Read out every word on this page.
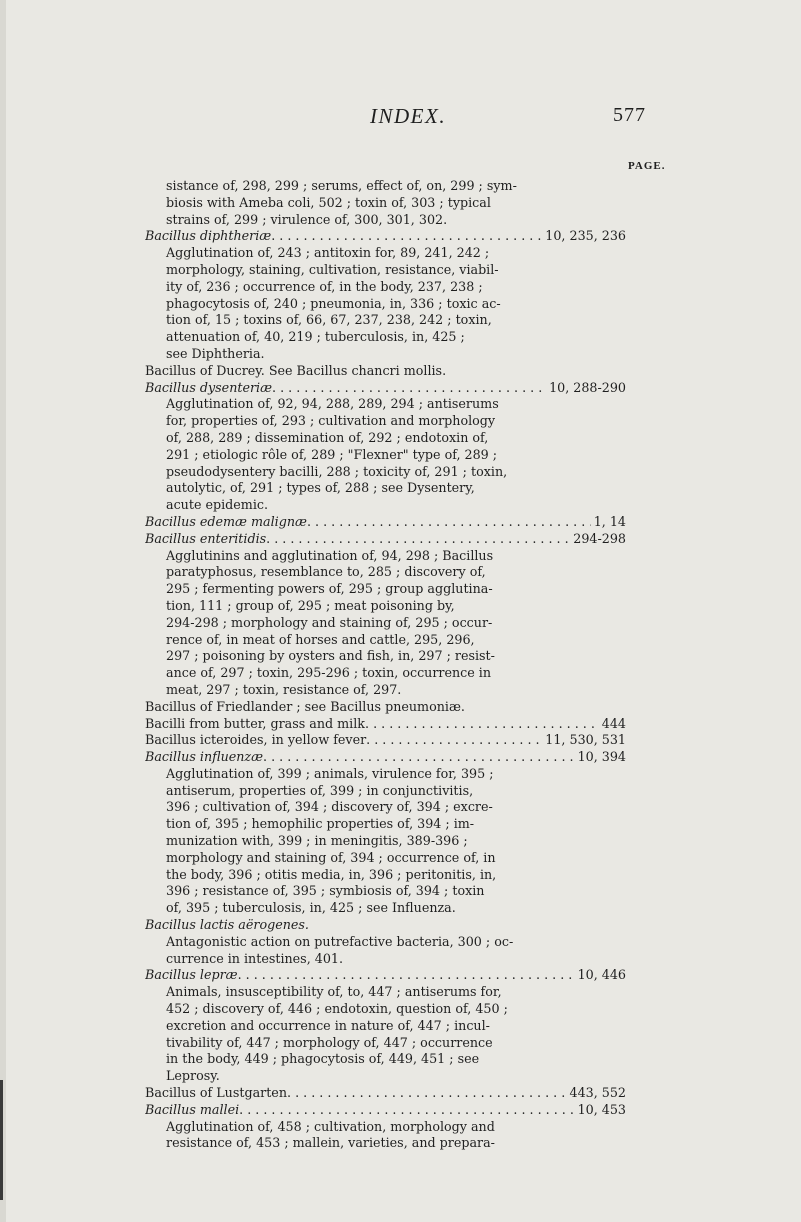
INDEX.	577
PAGE.
sistance of, 298, 299 ; serums, effect of, on, 299 ; sym-
biosis with Ameba coli, 502 ; toxin of, 303 ; typical
strains of, 299 ; virulence of, 300, 301, 302.
Bacillus diphtheriæ . . .	10, 235, 236
Agglutination of, 243 ; antitoxin for, 89, 241, 242 ;
morphology, staining, cultivation, resistance, viabil-
ity of, 236 ; occurrence of, in the body, 237, 238 ;
phagocytosis of, 240 ; pneumonia, in, 336 ; toxic ac-
tion of, 15 ; toxins of, 66, 67, 237, 238, 242 ; toxin,
attenuation of, 40, 219 ; tuberculosis, in, 425 ;
see Diphtheria.
Bacillus of Ducrey. See Bacillus chancri mollis.
Bacillus dysenteriæ . . .	10, 288-290
Agglutination of, 92, 94, 288, 289, 294 ; antiserums
for, properties of, 293 ; cultivation and morphology
of, 288, 289 ; dissemination of, 292 ; endotoxin of,
291 ; etiologic rôle of, 289 ; "Flexner" type of, 289 ;
pseudodysentery bacilli, 288 ; toxicity of, 291 ; toxin,
autolytic, of, 291 ; types of, 288 ; see Dysentery,
acute epidemic.
Bacillus edemæ malignæ . . .	1, 14
Bacillus enteritidis . . .	294-298
Agglutinins and agglutination of, 94, 298 ; Bacillus
paratyphosus, resemblance to, 285 ; discovery of,
295 ; fermenting powers of, 295 ; group agglutina-
tion, 111 ; group of, 295 ; meat poisoning by,
294-298 ; morphology and staining of, 295 ; occur-
rence of, in meat of horses and cattle, 295, 296,
297 ; poisoning by oysters and fish, in, 297 ; resist-
ance of, 297 ; toxin, 295-296 ; toxin, occurrence in
meat, 297 ; toxin, resistance of, 297.
Bacillus of Friedlander ; see Bacillus pneumoniæ.
Bacilli from butter, grass and milk . . .	444
Bacillus icteroides, in yellow fever . . .	11, 530, 531
Bacillus influenzæ . . .	10, 394
Agglutination of, 399 ; animals, virulence for, 395 ;
antiserum, properties of, 399 ; in conjunctivitis,
396 ; cultivation of, 394 ; discovery of, 394 ; excre-
tion of, 395 ; hemophilic properties of, 394 ; im-
munization with, 399 ; in meningitis, 389-396 ;
morphology and staining of, 394 ; occurrence of, in
the body, 396 ; otitis media, in, 396 ; peritonitis, in,
396 ; resistance of, 395 ; symbiosis of, 394 ; toxin
of, 395 ; tuberculosis, in, 425 ; see Influenza.
Bacillus lactis aërogenes.
Antagonistic action on putrefactive bacteria, 300 ; oc-
currence in intestines, 401.
Bacillus lepræ . . .	10, 446
Animals, insusceptibility of, to, 447 ; antiserums for,
452 ; discovery of, 446 ; endotoxin, question of, 450 ;
excretion and occurrence in nature of, 447 ; incul-
tivability of, 447 ; morphology of, 447 ; occurrence
in the body, 449 ; phagocytosis of, 449, 451 ; see
Leprosy.
Bacillus of Lustgarten . . .	443, 552
Bacillus mallei . . .	10, 453
Agglutination of, 458 ; cultivation, morphology and
resistance of, 453 ; mallein, varieties, and prepara-
